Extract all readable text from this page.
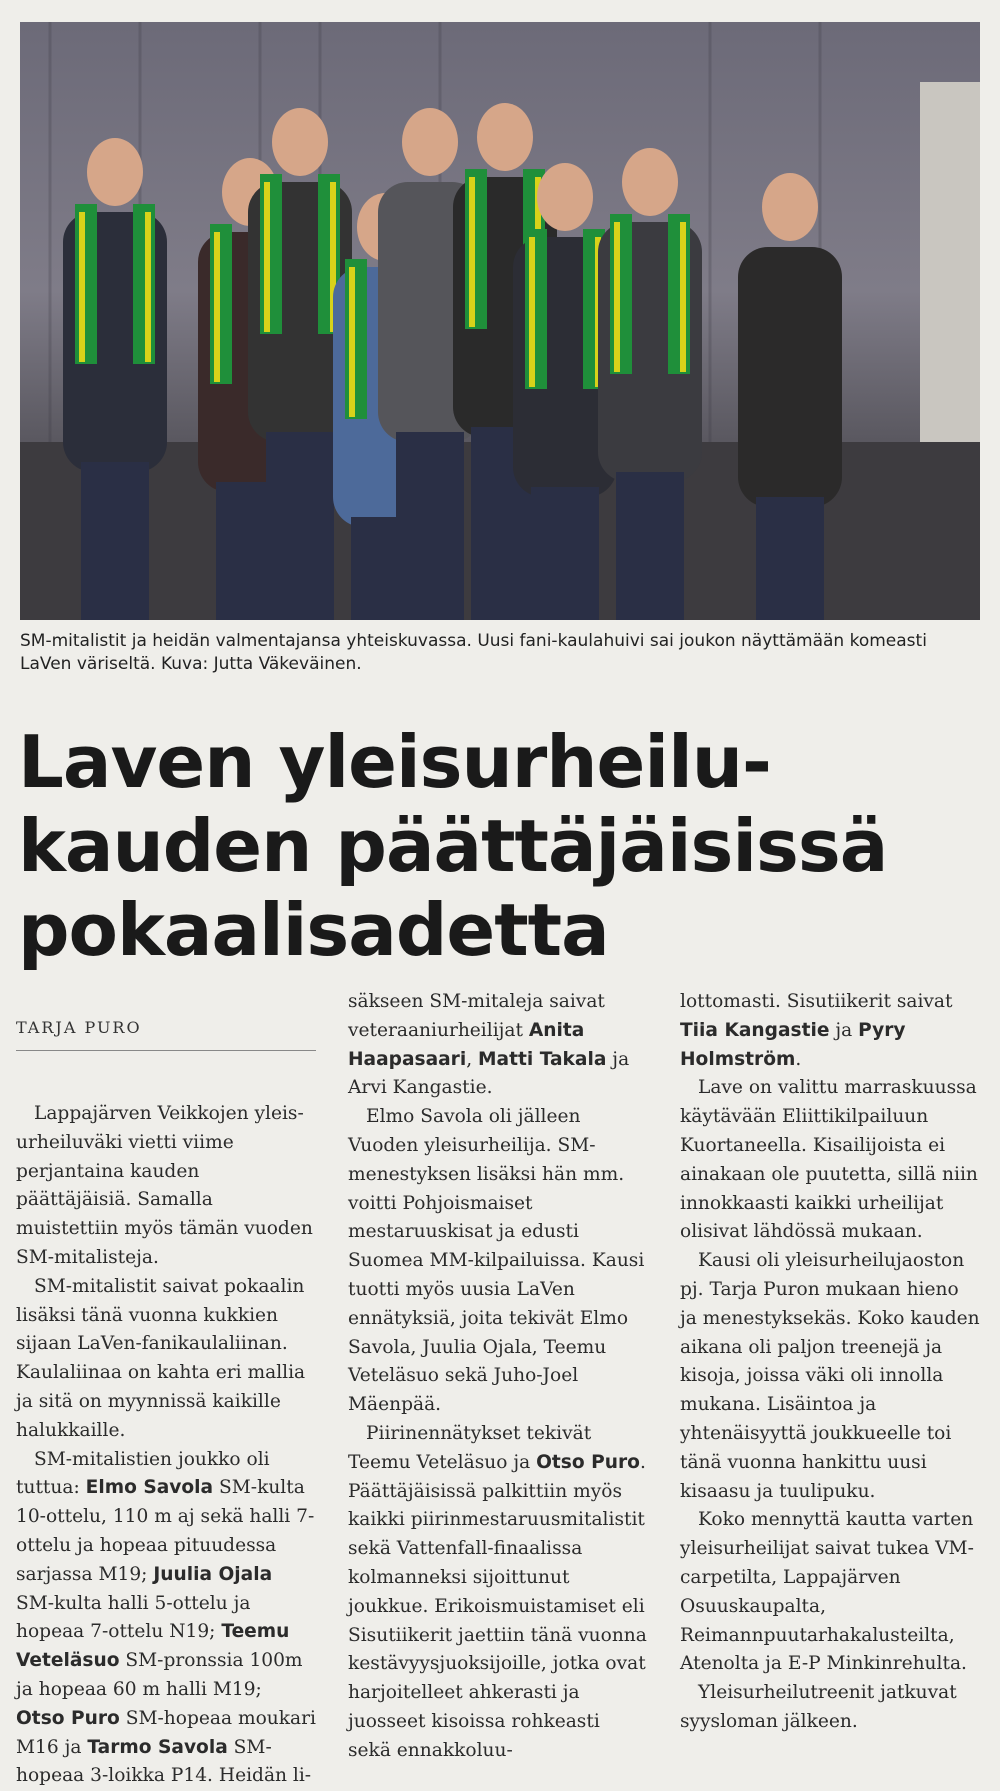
SM-mitalistit ja heidän valmentajansa yhteiskuvassa. Uusi fani-kaulahuivi sai joukon näyttämään komeasti LaVen väriseltä. Kuva: Jutta Väkeväinen.
Laven yleisurheilu-
kauden päättäjäisissä
pokaalisadetta
TARJA PURO

Lappajärven Veikkojen yleisurheiluväki vietti viime perjantaina kauden päättäjäisiä. Samalla muistettiin myös tämän vuoden SM-mitalisteja.

SM-mitalistit saivat pokaalin lisäksi tänä vuonna kukkien sijaan LaVen-fanikaulaliinan. Kaulaliinaa on kahta eri mallia ja sitä on myynnissä kaikille halukkaille.

SM-mitalistien joukko oli tuttua: Elmo Savola SM-kulta 10-ottelu, 110 m aj sekä halli 7-ottelu ja hopeaa pituudessa sarjassa M19; Juulia Ojala SM-kulta halli 5-ottelu ja hopeaa 7-ottelu N19; Teemu Veteläsuo SM-pronssia 100m ja hopeaa 60 m halli M19; Otso Puro SM-hopeaa moukari M16 ja Tarmo Savola SM-hopeaa 3-loikka P14. Heidän li-

säkseen SM-mitaleja saivat veteraaniurheilijat Anita Haapasaari, Matti Takala ja Arvi Kangastie.

Elmo Savola oli jälleen Vuoden yleisurheilija. SM-menestyksen lisäksi hän mm. voitti Pohjoismaiset mestaruuskisat ja edusti Suomea MM-kilpailuissa. Kausi tuotti myös uusia LaVen ennätyksiä, joita tekivät Elmo Savola, Juulia Ojala, Teemu Veteläsuo sekä Juho-Joel Mäenpää.

Piirinennätykset tekivät Teemu Veteläsuo ja Otso Puro. Päättäjäisissä palkittiin myös kaikki piirinmestaruusmitalistit sekä Vattenfall-finaalissa kolmanneksi sijoittunut joukkue. Erikoismuistamiset eli Sisutiikerit jaettiin tänä vuonna kestävyysjuoksijoille, jotka ovat harjoitelleet ahkerasti ja juosseet kisoissa rohkeasti sekä ennakkoluu-

lottomasti. Sisutiikerit saivat Tiia Kangastie ja Pyry Holmström.

Lave on valittu marraskuussa käytävään Eliittikilpailuun Kuortaneella. Kisailijoista ei ainakaan ole puutetta, sillä niin innokkaasti kaikki urheilijat olisivat lähdössä mukaan.

Kausi oli yleisurheilujaoston pj. Tarja Puron mukaan hieno ja menestyksekäs. Koko kauden aikana oli paljon treenejä ja kisoja, joissa väki oli innolla mukana. Lisäintoa ja yhtenäisyyttä joukkueelle toi tänä vuonna hankittu uusi kisaasu ja tuulipuku.

Koko mennyttä kautta varten yleisurheilijat saivat tukea VM-carpetilta, Lappajärven Osuuskaupalta, Reimannpuutarhakalusteilta, Atenolta ja E-P Minkinrehulta.

Yleisurheilutreenit jatkuvat syysloman jälkeen.
